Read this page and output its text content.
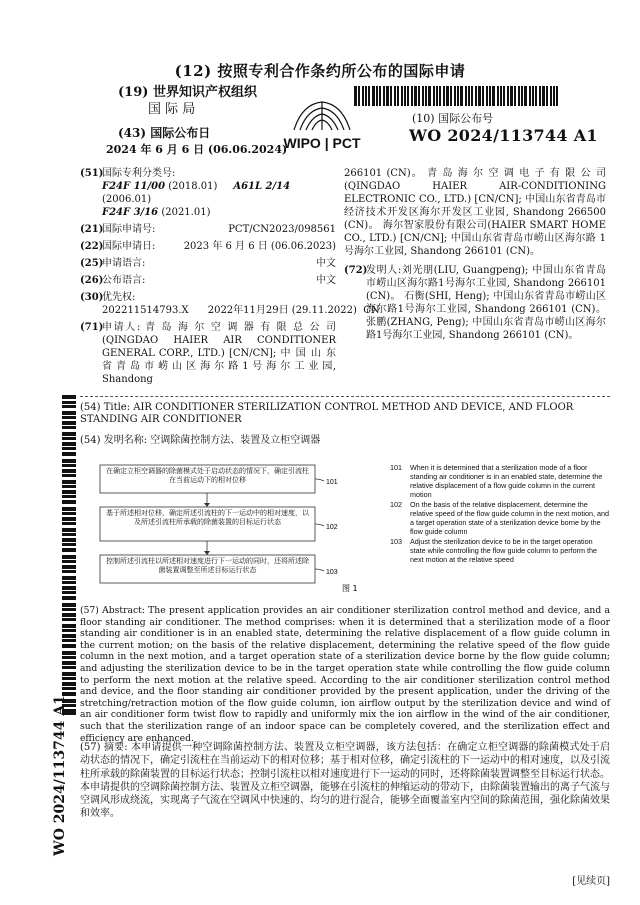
(12) 按照专利合作条约所公布的国际申请
(19) 世界知识产权组织
国 际 局
(43) 国际公布日
2024 年 6 月 6 日 (06.06.2024)
WIPO | PCT
(10) 国际公布号
WO 2024/113744 A1
(51)
国际专利分类号:
F24F 11/00 (2018.01) A61L 2/14 (2006.01)
F24F 3/16 (2021.01)
(21)
国际申请号:	PCT/CN2023/098561
(22)
国际申请日:	2023 年 6 月 6 日 (06.06.2023)
(25)
申请语言:	中文
(26)
公布语言:	中文
(30)
优先权:
202211514793.X      2022年11月29日 (29.11.2022)  CN
(71)
申请人: 青 岛 海 尔 空 调 器 有 限 总 公 司 (QINGDAO HAIER AIR CONDITIONER GENERAL CORP., LTD.) [CN/CN]; 中 国 山 东 省 青 岛 市 崂 山 区 海 尔 路 1 号 海 尔 工 业 园, Shandong
266101 (CN)。 青 岛 海 尔 空 调 电 子 有 限 公 司 (QINGDAO HAIER AIR-CONDITIONING ELECTRONIC CO., LTD.) [CN/CN]; 中国山东省青岛市经济技术开发区海尔开发区工业园, Shandong 266500 (CN)。 海尔智家股份有限公司(HAIER SMART HOME CO., LTD.) [CN/CN]; 中国山东省青岛市崂山区海尔路 1 号海尔工业园, Shandong 266101 (CN)。
(72)
发明人:刘光朋(LIU, Guangpeng); 中国山东省青岛市崂山区海尔路1号海尔工业园, Shandong 266101 (CN)。 石衡(SHI, Heng); 中国山东省青岛市崂山区海尔路1号海尔工业园, Shandong 266101 (CN)。 张鹏(ZHANG, Peng); 中国山东省青岛市崂山区海尔路1号海尔工业园, Shandong 266101 (CN)。
(54) Title: AIR CONDITIONER STERILIZATION CONTROL METHOD AND DEVICE, AND FLOOR STANDING AIR CONDITIONER
(54) 发明名称: 空调除菌控制方法、装置及立柜空调器
在确定立柜空调器的除菌模式处于启动状态的情况下，确定引流柱在当前运动下的相对位移
基于所述相对位移，确定所述引流柱的下一运动中的相对速度，以及所述引流柱所承载的除菌装置的目标运行状态
控制所述引流柱以所述相对速度进行下一运动的同时，还将所述除菌装置调整至所述目标运行状态
101
102
103
图 1
101	When it is determined that a sterilization mode of a floor standing air conditioner is in an enabled state, determine the relative displacement of a flow guide column in the current motion
102	On the basis of the relative displacement, determine the relative speed of the flow guide column in the next motion, and a target operation state of a sterilization device borne by the flow guide column
103	Adjust the sterilization device to be in the target operation state while controlling the flow guide column to perform the next motion at the relative speed
(57) Abstract: The present application provides an air conditioner sterilization control method and device, and a floor standing air conditioner. The method comprises: when it is determined that a sterilization mode of a floor standing air conditioner is in an enabled state, determining the relative displacement of a flow guide column in the current motion; on the basis of the relative displacement, determining the relative speed of the flow guide column in the next motion, and a target operation state of a sterilization device borne by the flow guide column; and adjusting the sterilization device to be in the target operation state while controlling the flow guide column to perform the next motion at the relative speed. According to the air conditioner sterilization control method and device, and the floor standing air conditioner provided by the present application, under the driving of the stretching/retraction motion of the flow guide column, ion airflow output by the sterilization device and wind of an air conditioner form twist flow to rapidly and uniformly mix the ion airflow in the wind of the air conditioner, such that the sterilization range of an indoor space can be completely covered, and the sterilization effect and efficiency are enhanced.
(57) 摘要: 本申请提供一种空调除菌控制方法、装置及立柜空调器，该方法包括：在确定立柜空调器的除菌模式处于启动状态的情况下，确定引流柱在当前运动下的相对位移；基于相对位移，确定引流柱的下一运动中的相对速度，以及引流柱所承载的除菌装置的目标运行状态；控制引流柱以相对速度进行下一运动的同时，还将除菌装置调整至目标运行状态。本申请提供的空调除菌控制方法、装置及立柜空调器，能够在引流柱的伸缩运动的带动下，由除菌装置输出的离子气流与空调风形成绕流，实现离子气流在空调风中快速的、均匀的进行混合，能够全面覆盖室内空间的除菌范围，强化除菌效果和效率。
WO 2024/113744 A1
[见续页]
